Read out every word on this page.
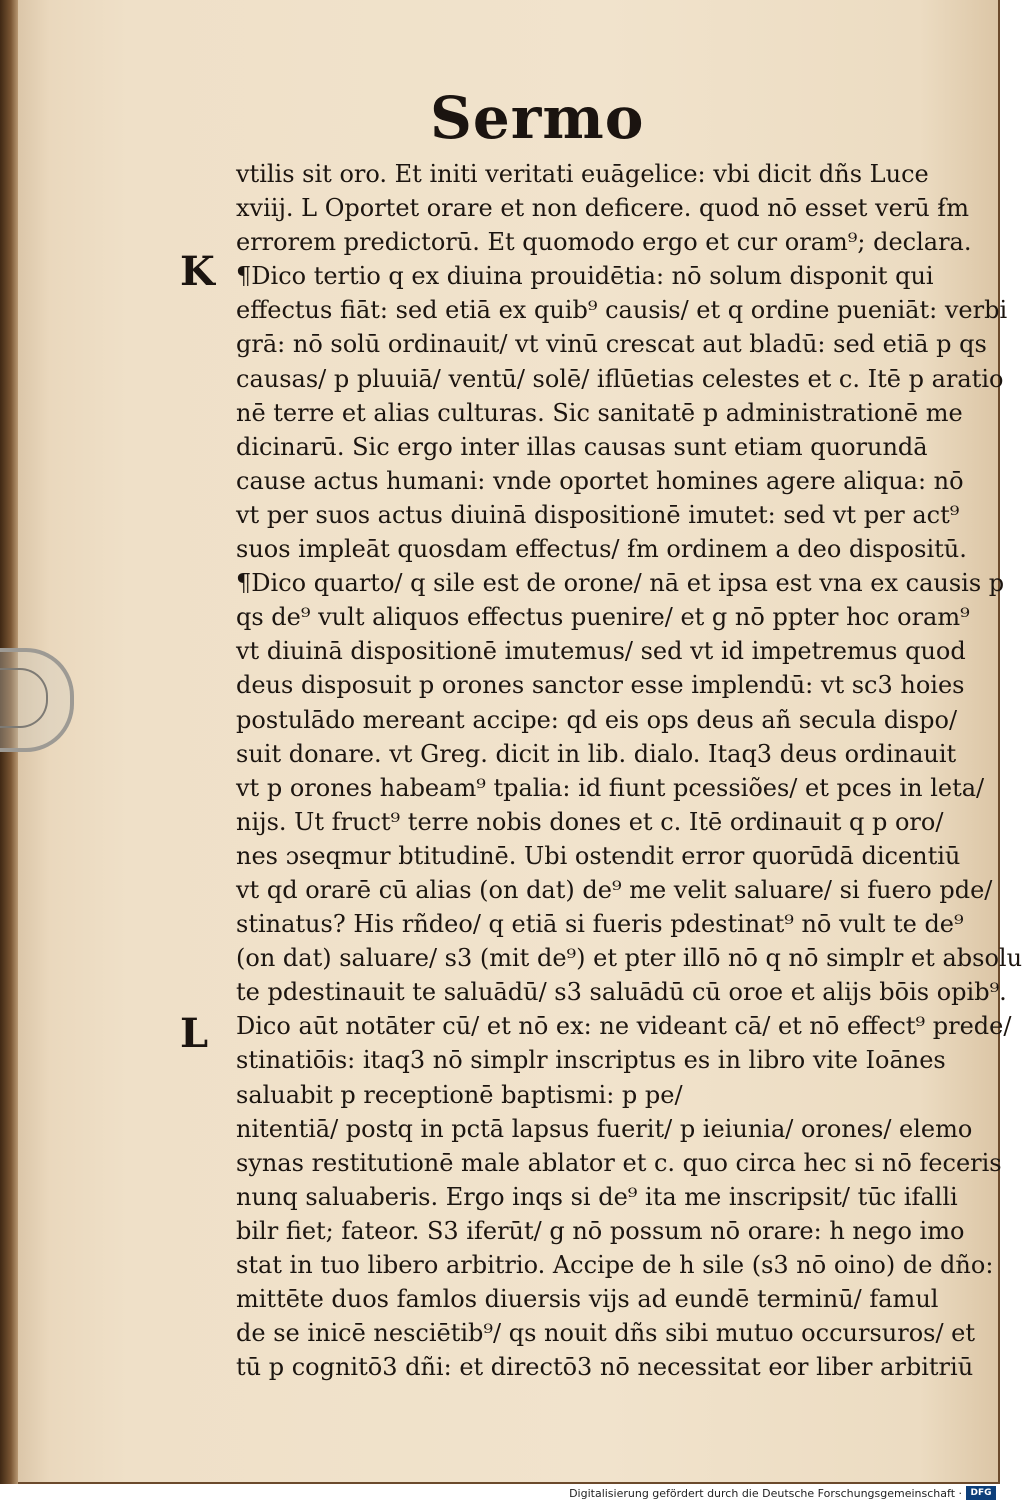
Sermo
K
L
vtilis sit oro. Et initi veritati euāgelice: vbi dicit dñs Luce
xviij. L Oportet orare et non deficere. quod nō esset verū ẜm
errorem predictorū. Et quomodo ergo et cur oram⁹; declara.
¶Dico tertio q ex diuina prouidētia: nō solum disponit qui
effectus fiāt: sed etiā ex quib⁹ causis/ et q ordine pueniāt: verbi
grā: nō solū ordinauit/ vt vinū crescat aut bladū: sed etiā p qs
causas/ p pluuiā/ ventū/ solē/ iflūetias celestes et c. Itē p aratio
nē terre et alias culturas. Sic sanitatē p administrationē me
dicinarū. Sic ergo inter illas causas sunt etiam quorundā
cause actus humani: vnde oportet homines agere aliqua: nō
vt per suos actus diuinā dispositionē imutet: sed vt per act⁹
suos impleāt quosdam effectus/ ẜm ordinem a deo dispositū.
¶Dico quarto/ q sile est de orone/ nā et ipsa est vna ex causis p
qs de⁹ vult aliquos effectus puenire/ et g nō ppter hoc oram⁹
vt diuinā dispositionē imutemus/ sed vt id impetremus quod
deus disposuit p orones sanctor esse implendū: vt sc3 hoies
postulādo mereant accipe: qd eis ops deus añ secula dispo/
suit donare. vt Greg. dicit in lib. dialo. Itaq3 deus ordinauit
vt p orones habeam⁹ tpalia: id fiunt pcessiões/ et pces in leta/
nijs. Ut fruct⁹ terre nobis dones et c. Itē ordinauit q p oro/
nes ɔseqmur btitudinē. Ubi ostendit error quorūdā dicentiū
vt qd orarē cū alias (on dat) de⁹ me velit saluare/ si fuero pde/
stinatus? His rñdeo/ q etiā si fueris pdestinat⁹ nō vult te de⁹
(on dat) saluare/ s3 (mit de⁹) et pter illō nō q nō simplr et absolu
te pdestinauit te saluādū/ s3 saluādū cū oroe et alijs bōis opib⁹.
Dico aūt notāter cū/ et nō ex: ne videant cā/ et nō effect⁹ prede/
stinatiōis: itaq3 nō simplr inscriptus es in libro vite Ioānes
saluabit p receptionē baptismi: p pe/
nitentiā/ postq in pctā lapsus fuerit/ p ieiunia/ orones/ elemo
synas restitutionē male ablator et c. quo circa hec si nō feceris
nunq saluaberis. Ergo inqs si de⁹ ita me inscripsit/ tūc ifalli
bilr fiet; fateor. S3 iferūt/ g nō possum nō orare: h nego imo
stat in tuo libero arbitrio. Accipe de h sile (s3 nō oino) de dño:
mittēte duos famlos diuersis vijs ad eundē terminū/ famul
de se inicē nesciētib⁹/ qs nouit dñs sibi mutuo occursuros/ et
tū p cognitō3 dñi: et directō3 nō necessitat eor liber arbitriū
Digitalisierung gefördert durch die Deutsche Forschungsgemeinschaft · DFG
